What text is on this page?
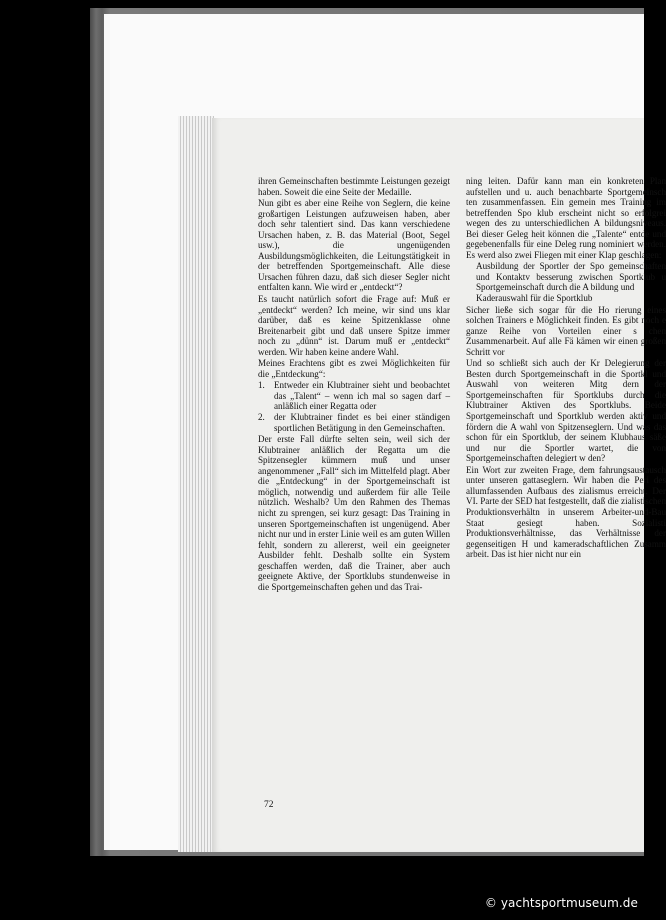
ihren Gemeinschaften bestimmte Leistungen gezeigt haben. Soweit die eine Seite der Medaille.

Nun gibt es aber eine Reihe von Seglern, die keine großartigen Leistungen aufzuweisen haben, aber doch sehr talentiert sind. Das kann verschiedene Ursachen haben, z. B. das Material (Boot, Segel usw.), die ungenügenden Ausbildungsmöglichkeiten, die Leitungstätigkeit in der betreffenden Sportgemeinschaft. Alle diese Ursachen führen dazu, daß sich dieser Segler nicht entfalten kann. Wie wird er „entdeckt“?

Es taucht natürlich sofort die Frage auf: Muß er „entdeckt“ werden? Ich meine, wir sind uns klar darüber, daß es keine Spitzenklasse ohne Breitenarbeit gibt und daß unsere Spitze immer noch zu „dünn“ ist. Darum muß er „entdeckt“ werden. Wir haben keine andere Wahl.

Meines Erachtens gibt es zwei Möglichkeiten für die „Entdeckung“:

1. Entweder ein Klubtrainer sieht und beobachtet das „Talent“ – wenn ich mal so sagen darf – anläßlich einer Regatta oder
2. der Klubtrainer findet es bei einer ständigen sportlichen Betätigung in den Gemeinschaften.

Der erste Fall dürfte selten sein, weil sich der Klubtrainer anläßlich der Regatta um die Spitzensegler kümmern muß und unser angenommener „Fall“ sich im Mittelfeld plagt. Aber die „Entdeckung“ in der Sportgemeinschaft ist möglich, notwendig und außerdem für alle Teile nützlich. Weshalb? Um den Rahmen des Themas nicht zu sprengen, sei kurz gesagt: Das Training in unseren Sportgemeinschaften ist ungenügend. Aber nicht nur und in erster Linie weil es am guten Willen fehlt, sondern zu allererst, weil ein geeigneter Ausbilder fehlt. Deshalb sollte ein System geschaffen werden, daß die Trainer, aber auch geeignete Aktive, der Sportklubs stundenweise in die Sportgemeinschaften gehen und das Trai-

ning leiten. Dafür kann man ein konkreten Plan aufstellen und u. auch benachbarte Sportgemeinsch ten zusammenfassen. Ein gemein mes Training im betreffenden Spo klub erscheint nicht so erfolgrei wegen des zu unterschiedlichen A bildungsniveaus. Bei dieser Geleg heit können die „Talente“ entde und gegebenenfalls für eine Deleg rung nominiert werden. Es werd also zwei Fliegen mit einer Klap geschlagen:

Ausbildung der Sportler der Spo gemeinschaften und Kontaktv besserung zwischen Sportklub u Sportgemeinschaft durch die A bildung und

Kaderauswahl für die Sportklub

Sicher ließe sich sogar für die Ho rierung eines solchen Trainers e Möglichkeit finden. Es gibt noch e ganze Reihe von Vorteilen einer s chen Zusammenarbeit. Auf alle Fä kämen wir einen großen Schritt vor

Und so schließt sich auch der Kr Delegierung der Besten durch Sportgemeinschaft in die Sportkl und Auswahl von weiteren Mitg dern der Sportgemeinschaften für Sportklubs durch die Klubtrainer Aktiven des Sportklubs. Beide Sportgemeinschaft und Sportklub werden aktiv und fördern die A wahl von Spitzenseglern. Und was das schon für ein Sportklub, der seinem Klubhaus säße und nur die Sportler wartet, die von Sportgemeinschaften delegiert w den?

Ein Wort zur zweiten Frage, dem fahrungsaustausch unter unseren gattaseglern. Wir haben die Peri des allumfassenden Aufbaus des zialismus erreicht. Der VI. Parte der SED hat festgestellt, daß die zialistischen Produktionsverhältn in unserem Arbeiter-und-Bau Staat gesiegt haben. Sozialisti Produktionsverhältnisse, das Verhältnisse der gegenseitigen H und kameradschaftlichen Zusamm arbeit. Das ist hier nicht nur ein

72
© yachtsportmuseum.de
